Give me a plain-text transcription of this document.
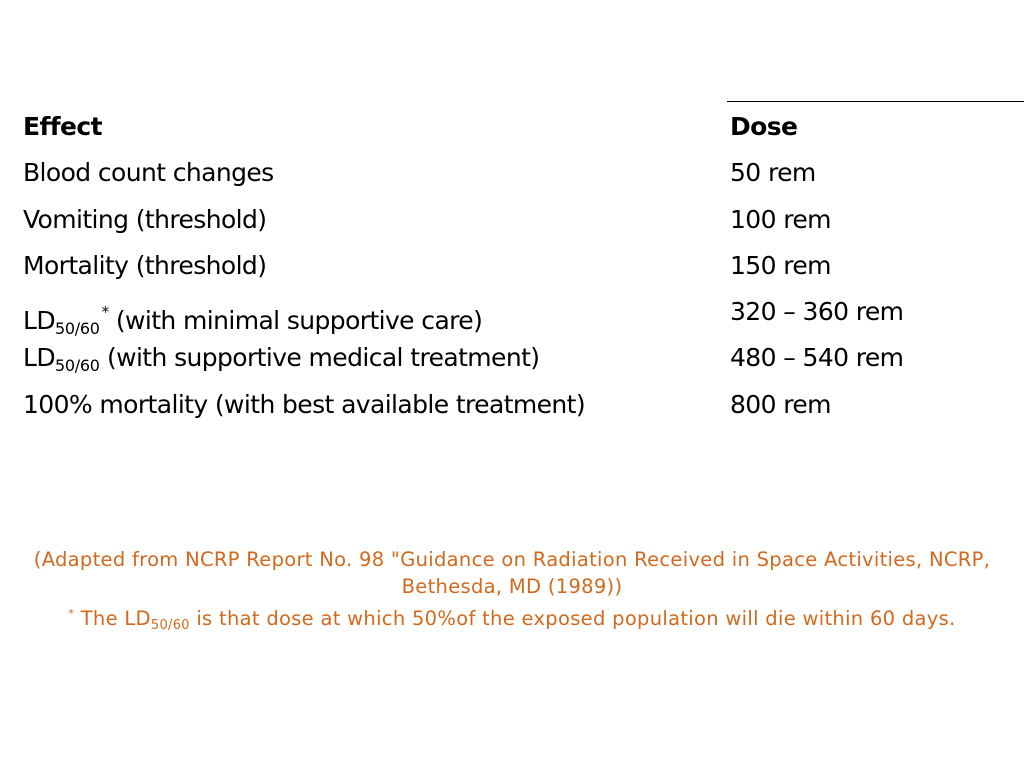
Effect	Dose
Blood count changes	50 rem
Vomiting (threshold)	100 rem
Mortality (threshold)	150 rem
$LD_{50/60}^*$ (with minimal supportive care)	320 – 360 rem
$LD_{50/60}$ (with supportive medical treatment)	480 – 540 rem
100% mortality (with best available treatment)	800 rem

(Adapted from NCRP Report No. 98 "Guidance on Radiation Received in Space Activities, NCRP, Bethesda, MD (1989))

* The $LD_{50/60}$ is that dose at which 50%of the exposed population will die within 60 days.
